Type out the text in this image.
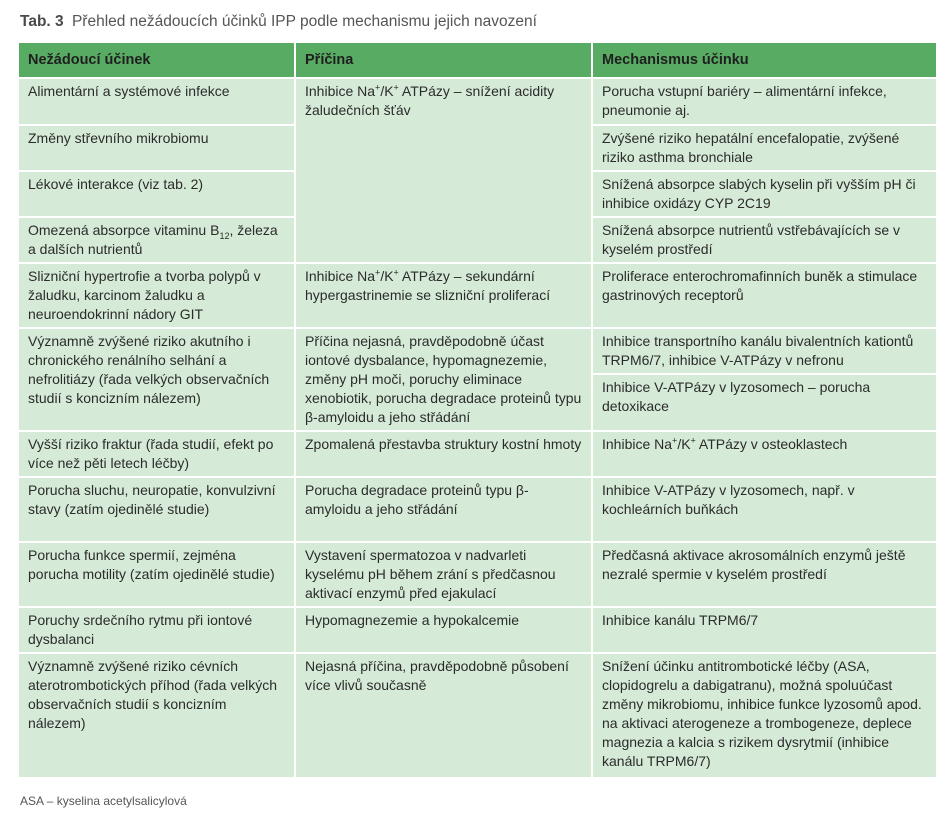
Tab. 3 Přehled nežádoucích účinků IPP podle mechanismu jejich navození
Nežádoucí účinek	Příčina	Mechanismus účinku
Alimentární a systémové infekce	Inhibice Na+/K+ ATPázy – snížení acidity žaludečních šťáv	Porucha vstupní bariéry – alimentární infekce, pneumonie aj.
Změny střevního mikrobiomu		Zvýšené riziko hepatální encefalopatie, zvýšené riziko asthma bronchiale
Lékové interakce (viz tab. 2)		Snížená absorpce slabých kyselin při vyšším pH či inhibice oxidázy CYP 2C19
Omezená absorpce vitaminu $B_{12}$, železa a dalších nutrientů		Snížená absorpce nutrientů vstřebávajících se v kyselém prostředí
Slizniční hypertrofie a tvorba polypů v žaludku, karcinom žaludku a neuroendokrinní nádory GIT	Inhibice Na+/K+ ATPázy – sekundární hypergastrinemie se slizniční proliferací	Proliferace enterochromafinních buněk a stimulace gastrinových receptorů
Významně zvýšené riziko akutního i chronického renálního selhání a nefrolitiázy (řada velkých observačních studií s koncizním nálezem)	Příčina nejasná, pravděpodobně účast iontové dysbalance, hypomagnezemie, změny pH moči, poruchy eliminace xenobiotik, porucha degradace proteinů typu β-amyloidu a jeho střádání	Inhibice transportního kanálu bivalentních kationtů TRPM6/7, inhibice V-ATPázy v nefronu
		Inhibice V-ATPázy v lyzosomech – porucha detoxikace
Vyšší riziko fraktur (řada studií, efekt po více než pěti letech léčby)	Zpomalená přestavba struktury kostní hmoty	Inhibice Na+/K+ ATPázy v osteoklastech
Porucha sluchu, neuropatie, konvulzivní stavy (zatím ojedinělé studie)	Porucha degradace proteinů typu β-amyloidu a jeho střádání	Inhibice V-ATPázy v lyzosomech, např. v kochleárních buňkách
Porucha funkce spermií, zejména porucha motility (zatím ojedinělé studie)	Vystavení spermatozoa v nadvarleti kyselému pH během zrání s předčasnou aktivací enzymů před ejakulací	Předčasná aktivace akrosomálních enzymů ještě nezralé spermie v kyselém prostředí
Poruchy srdečního rytmu při iontové dysbalanci	Hypomagnezemie a hypokalcemie	Inhibice kanálu TRPM6/7
Významně zvýšené riziko cévních aterotrombotických příhod (řada velkých observačních studií s koncizním nálezem)	Nejasná příčina, pravděpodobně působení více vlivů současně	Snížení účinku antitrombotické léčby (ASA, clopidogrelu a dabigatranu), možná spoluúčast změny mikrobiomu, inhibice funkce lyzosomů apod. na aktivaci aterogeneze a trombogeneze, deplece magnezia a kalcia s rizikem dysrytmií (inhibice kanálu TRPM6/7)
ASA – kyselina acetylsalicylová
